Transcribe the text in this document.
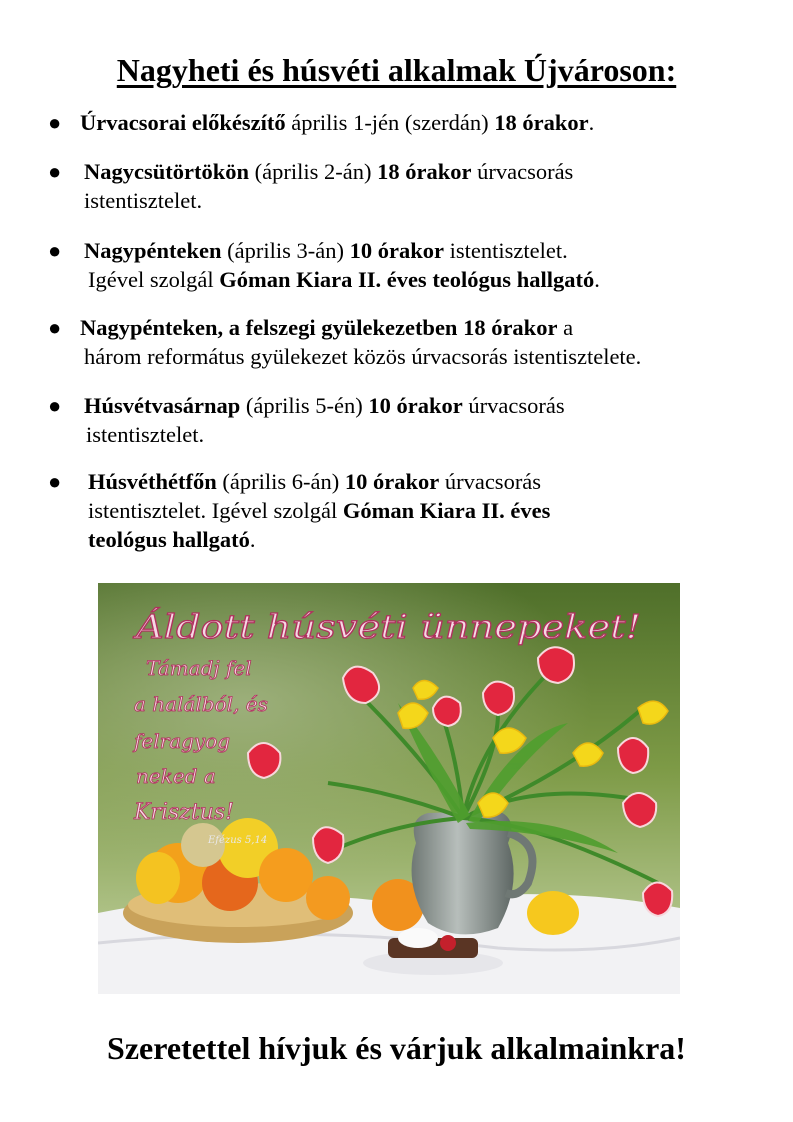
Nagyheti és húsvéti alkalmak Újvároson:
● Úrvacsorai előkészítő április 1-jén (szerdán) 18 órakor.
● Nagycsütörtökön (április 2-án) 18 órakor úrvacsorás
istentisztelet.
● Nagypénteken (április 3-án) 10 órakor istentisztelet.
Igével szolgál Góman Kiara II. éves teológus hallgató.
● Nagypénteken, a felszegi gyülekezetben 18 órakor a
három református gyülekezet közös úrvacsorás istentisztelete.
● Húsvétvasárnap (április 5-én) 10 órakor úrvacsorás
istentisztelet.
● Húsvéthétfőn (április 6-án) 10 órakor úrvacsorás
istentisztelet. Igével szolgál Góman Kiara II. éves
teológus hallgató.
Áldott húsvéti ünnepeket!
Támadj fel
a halálból, és
felragyog
neked a
Krisztus!
Efézus 5,14

Szeretettel hívjuk és várjuk alkalmainkra!
